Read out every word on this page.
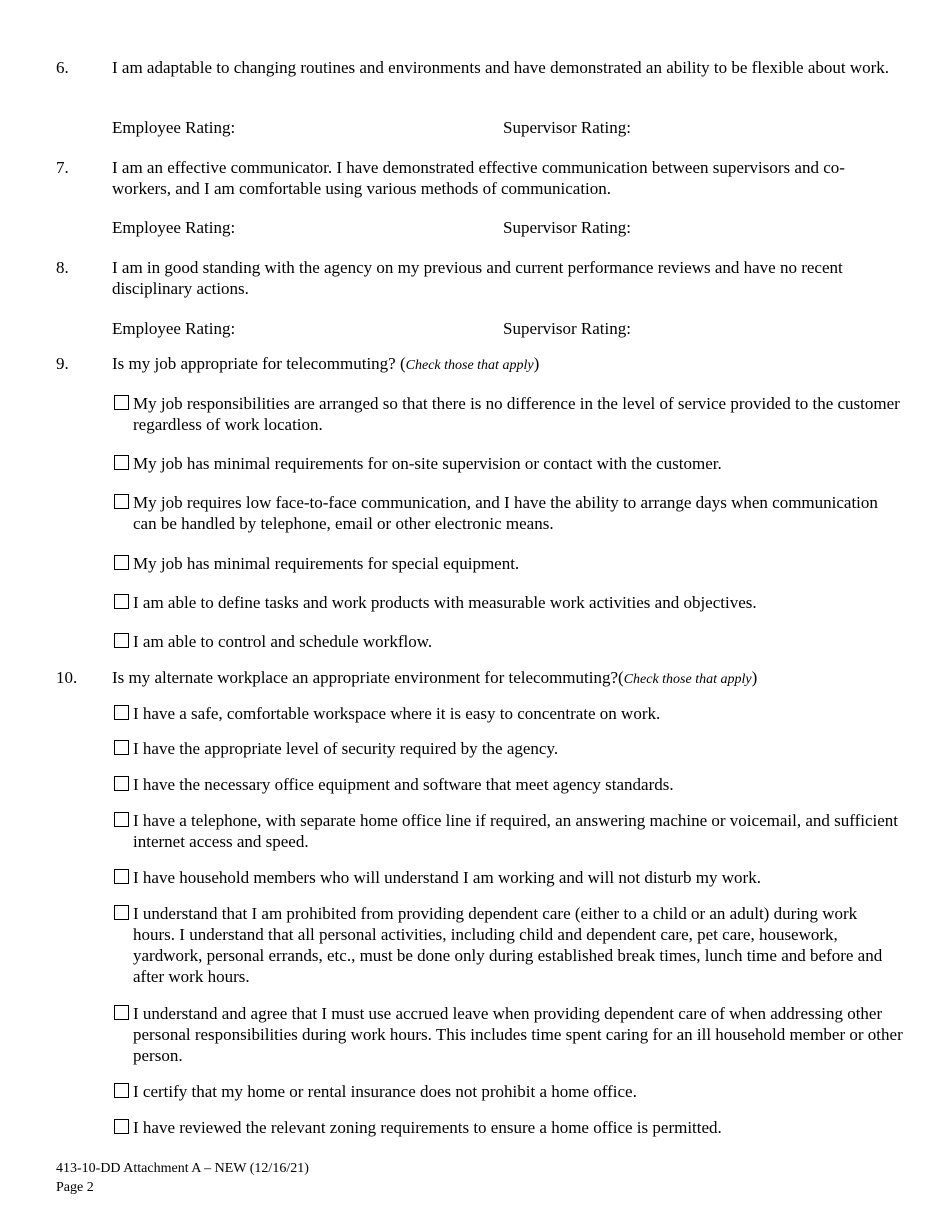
6.	I am adaptable to changing routines and environments and have demonstrated an ability to be flexible about work.
Employee Rating:	Supervisor Rating:
7.	I am an effective communicator. I have demonstrated effective communication between supervisors and co-workers, and I am comfortable using various methods of communication.
Employee Rating:	Supervisor Rating:
8.	I am in good standing with the agency on my previous and current performance reviews and have no recent disciplinary actions.
Employee Rating:	Supervisor Rating:
9.	Is my job appropriate for telecommuting? (Check those that apply)
My job responsibilities are arranged so that there is no difference in the level of service provided to the customer regardless of work location.
My job has minimal requirements for on-site supervision or contact with the customer.
My job requires low face-to-face communication, and I have the ability to arrange days when communication can be handled by telephone, email or other electronic means.
My job has minimal requirements for special equipment.
I am able to define tasks and work products with measurable work activities and objectives.
I am able to control and schedule workflow.
10.	Is my alternate workplace an appropriate environment for telecommuting?(Check those that apply)
I have a safe, comfortable workspace where it is easy to concentrate on work.
I have the appropriate level of security required by the agency.
I have the necessary office equipment and software that meet agency standards.
I have a telephone, with separate home office line if required, an answering machine or voicemail, and sufficient internet access and speed.
I have household members who will understand I am working and will not disturb my work.
I understand that I am prohibited from providing dependent care (either to a child or an adult) during work hours. I understand that all personal activities, including child and dependent care, pet care, housework, yardwork, personal errands, etc., must be done only during established break times, lunch time and before and after work hours.
I understand and agree that I must use accrued leave when providing dependent care of when addressing other personal responsibilities during work hours. This includes time spent caring for an ill household member or other person.
I certify that my home or rental insurance does not prohibit a home office.
I have reviewed the relevant zoning requirements to ensure a home office is permitted.
413-10-DD Attachment A – NEW (12/16/21)
Page 2
